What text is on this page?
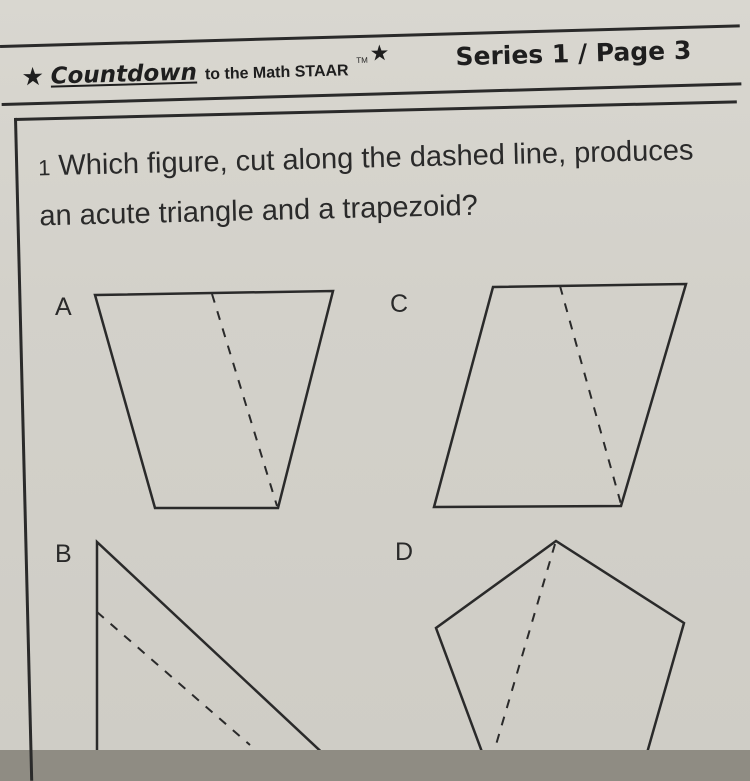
★ Countdown to the Math STAAR
TM ★	Series 1 / Page 3
1 Which figure, cut along the dashed line, produces an acute triangle and a trapezoid?
A	C
B	D
